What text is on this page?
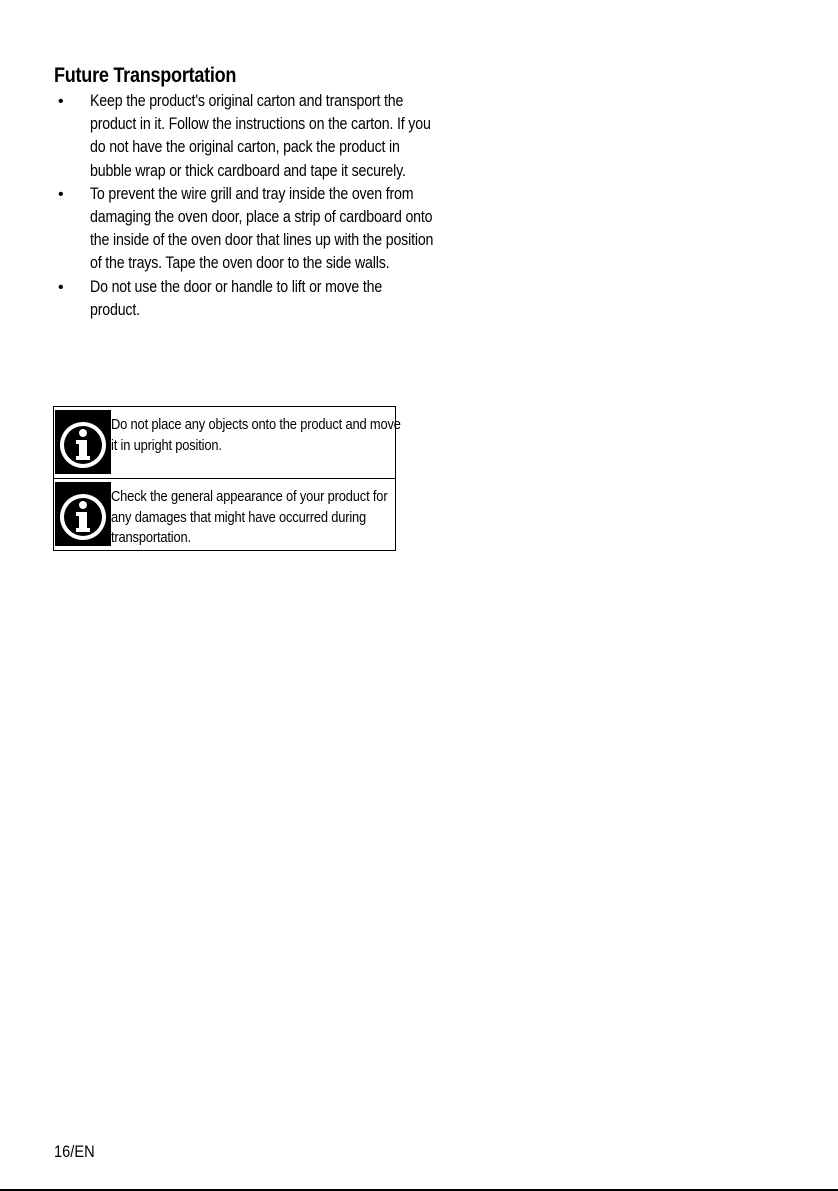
Future Transportation
• Keep the product's original carton and transport the product in it. Follow the instructions on the carton. If you do not have the original carton, pack the product in bubble wrap or thick cardboard and tape it securely.
• To prevent the wire grill and tray inside the oven from damaging the oven door, place a strip of cardboard onto the inside of the oven door that lines up with the position of the trays. Tape the oven door to the side walls.
• Do not use the door or handle to lift or move the product.
Do not place any objects onto the product and move it in upright position.
Check the general appearance of your product for any damages that might have occurred during transportation.
16/EN
